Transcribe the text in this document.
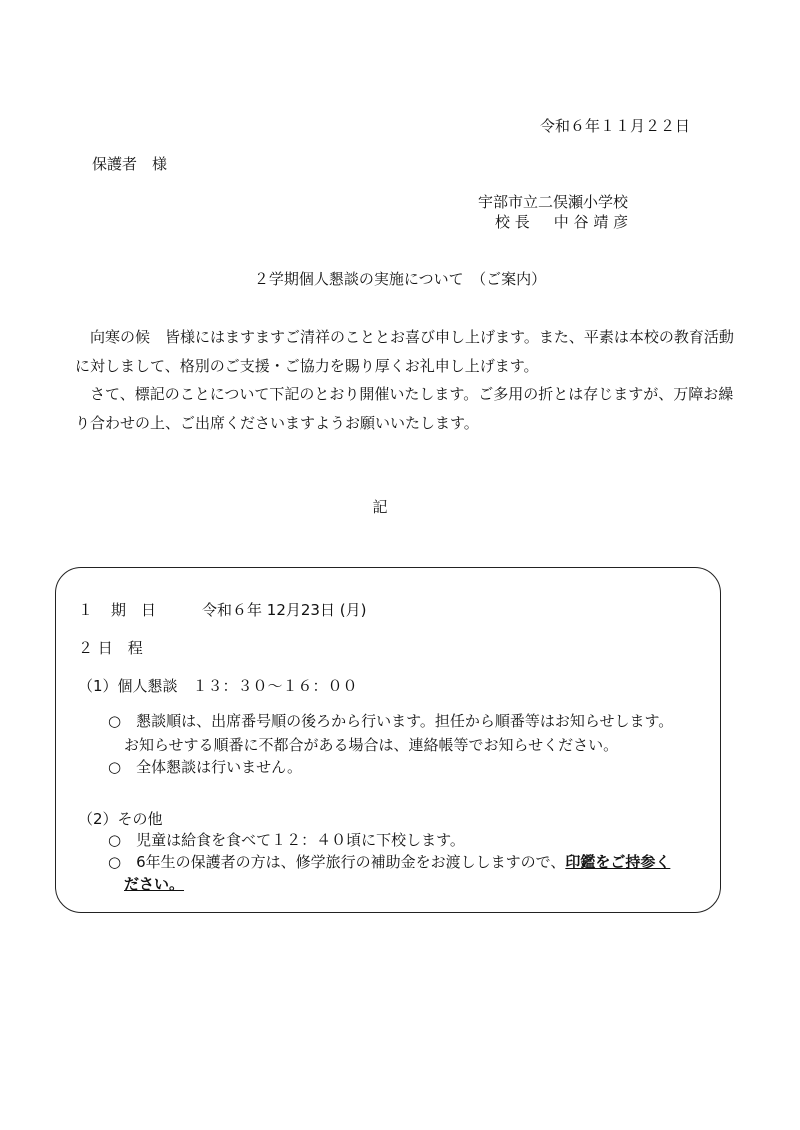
令和６年１１月２２日
保護者　様
宇部市立二俣瀬小学校
校 長 中 谷 靖 彦
２学期個人懇談の実施について　（ご案内）

　向寒の候　皆様にはますますご清祥のこととお喜び申し上げます。また、平素は本校の教育活動に対しまして、格別のご支援・ご協力を賜り厚くお礼申し上げます。

　さて、標記のことについて下記のとおり開催いたします。ご多用の折とは存じますが、万障お繰り合わせの上、ご出席くださいますようお願いいたします。

記
１ 期　日	令和６年 12月23日 (月)
２ 日　程
（1）個人懇談　１３：３０～１６：００
○　懇談順は、出席番号順の後ろから行います。担任から順番等はお知らせします。
お知らせする順番に不都合がある場合は、連絡帳等でお知らせください。
○　全体懇談は行いません。
（2）その他
○　児童は給食を食べて１２：４０頃に下校します。
○　6年生の保護者の方は、修学旅行の補助金をお渡ししますので、印鑑をご持参く
ださい。
